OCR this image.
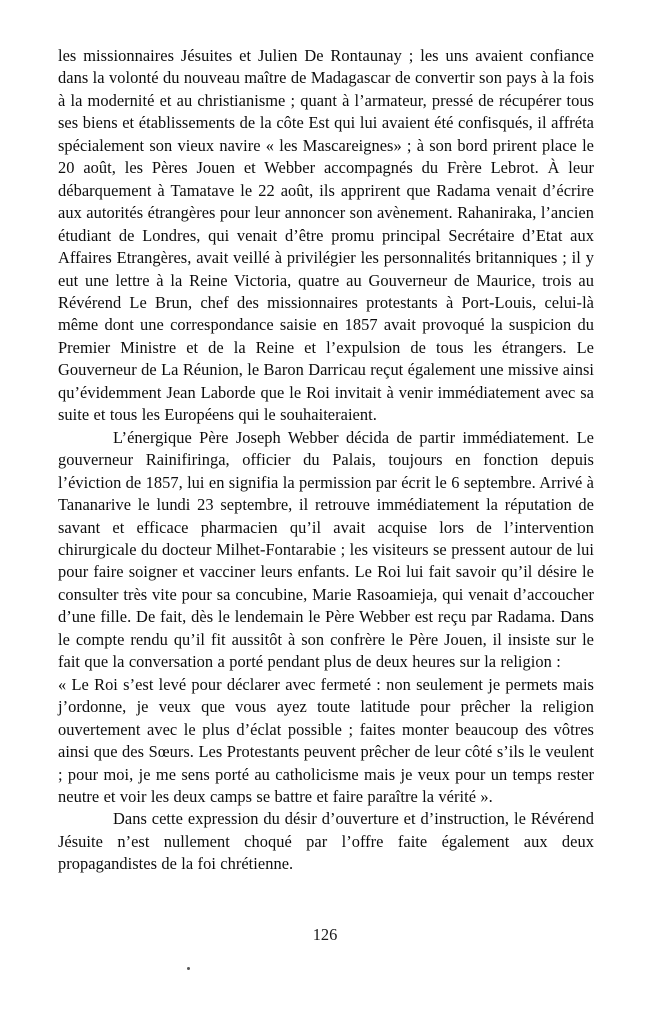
les missionnaires Jésuites et Julien De Rontaunay ; les uns avaient confiance dans la volonté du nouveau maître de Madagascar de convertir son pays à la fois à la modernité et au christianisme ; quant à l’armateur, pressé de récupérer tous ses biens et établissements de la côte Est qui lui avaient été confisqués, il affréta spécialement son vieux navire « les Mascareignes» ; à son bord prirent place le 20 août, les Pères Jouen et Webber accompagnés du Frère Lebrot. À leur débarquement à Tamatave le 22 août, ils apprirent que Radama venait d’écrire aux autorités étrangères pour leur annoncer son avènement. Rahaniraka, l’ancien étudiant de Londres, qui venait d’être promu principal Secrétaire d’Etat aux Affaires Etrangères, avait veillé à privilégier les personnalités britanniques ; il y eut une lettre à la Reine Victoria, quatre au Gouverneur de Maurice, trois au Révérend Le Brun, chef des missionnaires protestants à Port-Louis, celui-là même dont une correspondance saisie en 1857 avait provoqué la suspicion du Premier Ministre et de la Reine et l’expulsion de tous les étrangers. Le Gouverneur de La Réunion, le Baron Darricau reçut également une missive ainsi qu’évidemment Jean Laborde que le Roi invitait à venir immédiatement avec sa suite et tous les Européens qui le souhaiteraient.

L’énergique Père Joseph Webber décida de partir immédiatement. Le gouverneur Rainifiringa, officier du Palais, toujours en fonction depuis l’éviction de 1857, lui en signifia la permission par écrit le 6 septembre. Arrivé à Tananarive le lundi 23 septembre, il retrouve immédiatement la réputation de savant et efficace pharmacien qu’il avait acquise lors de l’intervention chirurgicale du docteur Milhet-Fontarabie ; les visiteurs se pressent autour de lui pour faire soigner et vacciner leurs enfants. Le Roi lui fait savoir qu’il désire le consulter très vite pour sa concubine, Marie Rasoamieja, qui venait d’accoucher d’une fille. De fait, dès le lendemain le Père Webber est reçu par Radama. Dans le compte rendu qu’il fit aussitôt à son confrère le Père Jouen, il insiste sur le fait que la conversation a porté pendant plus de deux heures sur la religion :

« Le Roi s’est levé pour déclarer avec fermeté : non seulement je permets mais j’ordonne, je veux que vous ayez toute latitude pour prêcher la religion ouvertement avec le plus d’éclat possible ; faites monter beaucoup des vôtres ainsi que des Sœurs. Les Protestants peuvent prêcher de leur côté s’ils le veulent ; pour moi, je me sens porté au catholicisme mais je veux pour un temps rester neutre et voir les deux camps se battre et faire paraître la vérité ».

Dans cette expression du désir d’ouverture et d’instruction, le Révérend Jésuite n’est nullement choqué par l’offre faite également aux deux propagandistes de la foi chrétienne.

126
